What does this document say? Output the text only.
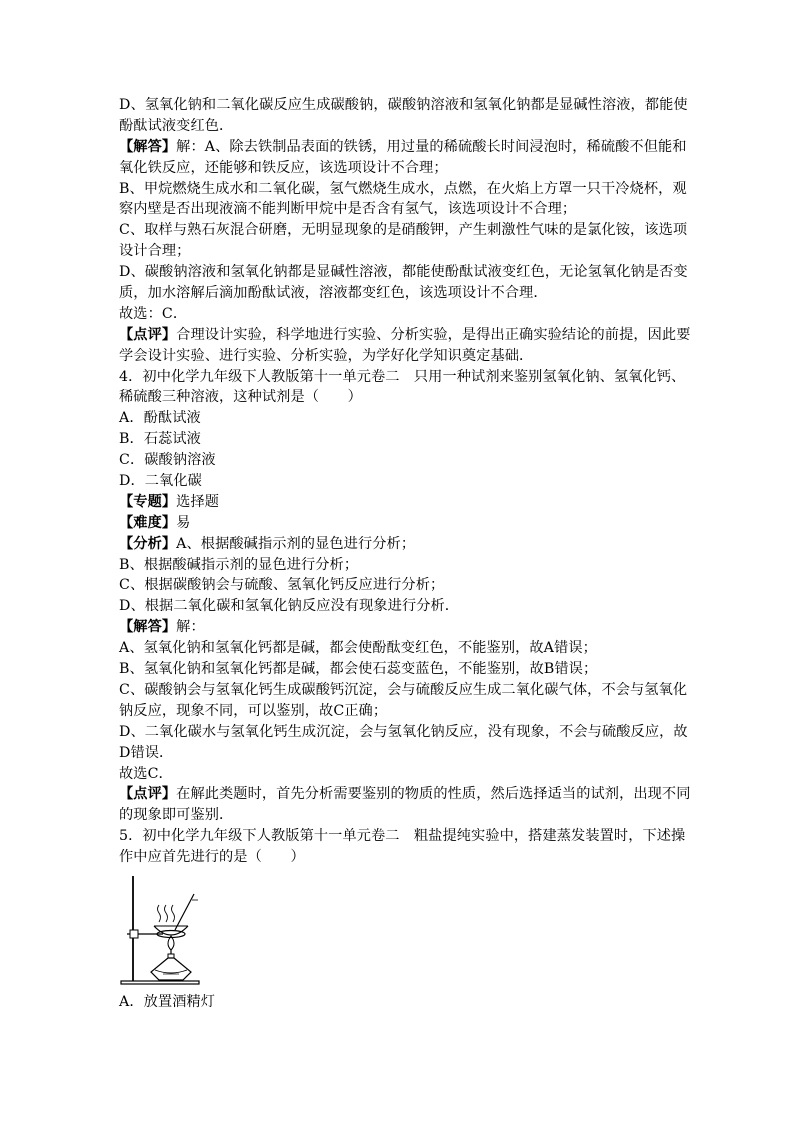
D、氢氧化钠和二氧化碳反应生成碳酸钠，碳酸钠溶液和氢氧化钠都是显碱性溶液，都能使
酚酞试液变红色．
【解答】解：A、除去铁制品表面的铁锈，用过量的稀硫酸长时间浸泡时，稀硫酸不但能和
氧化铁反应，还能够和铁反应，该选项设计不合理；
B、甲烷燃烧生成水和二氧化碳，氢气燃烧生成水，点燃，在火焰上方罩一只干冷烧杯，观
察内壁是否出现液滴不能判断甲烷中是否含有氢气，该选项设计不合理；
C、取样与熟石灰混合研磨，无明显现象的是硝酸钾，产生刺激性气味的是氯化铵，该选项
设计合理；
D、碳酸钠溶液和氢氧化钠都是显碱性溶液，都能使酚酞试液变红色，无论氢氧化钠是否变
质，加水溶解后滴加酚酞试液，溶液都变红色，该选项设计不合理．
故选：C．
【点评】合理设计实验，科学地进行实验、分析实验，是得出正确实验结论的前提，因此要
学会设计实验、进行实验、分析实验，为学好化学知识奠定基础．
4．初中化学九年级下人教版第十一单元卷二　只用一种试剂来鉴别氢氧化钠、氢氧化钙、
稀硫酸三种溶液，这种试剂是（　　）
A．酚酞试液
B．石蕊试液
C．碳酸钠溶液
D．二氧化碳
【专题】选择题
【难度】易
【分析】A、根据酸碱指示剂的显色进行分析；
B、根据酸碱指示剂的显色进行分析；
C、根据碳酸钠会与硫酸、氢氧化钙反应进行分析；
D、根据二氧化碳和氢氧化钠反应没有现象进行分析．
【解答】解：
A、氢氧化钠和氢氧化钙都是碱，都会使酚酞变红色，不能鉴别，故A错误；
B、氢氧化钠和氢氧化钙都是碱，都会使石蕊变蓝色，不能鉴别，故B错误；
C、碳酸钠会与氢氧化钙生成碳酸钙沉淀，会与硫酸反应生成二氧化碳气体，不会与氢氧化
钠反应，现象不同，可以鉴别，故C正确；
D、二氧化碳水与氢氧化钙生成沉淀，会与氢氧化钠反应，没有现象，不会与硫酸反应，故
D错误．
故选C．
【点评】在解此类题时，首先分析需要鉴别的物质的性质，然后选择适当的试剂，出现不同
的现象即可鉴别．
5．初中化学九年级下人教版第十一单元卷二　粗盐提纯实验中，搭建蒸发装置时，下述操
作中应首先进行的是（　　）
A．放置酒精灯
